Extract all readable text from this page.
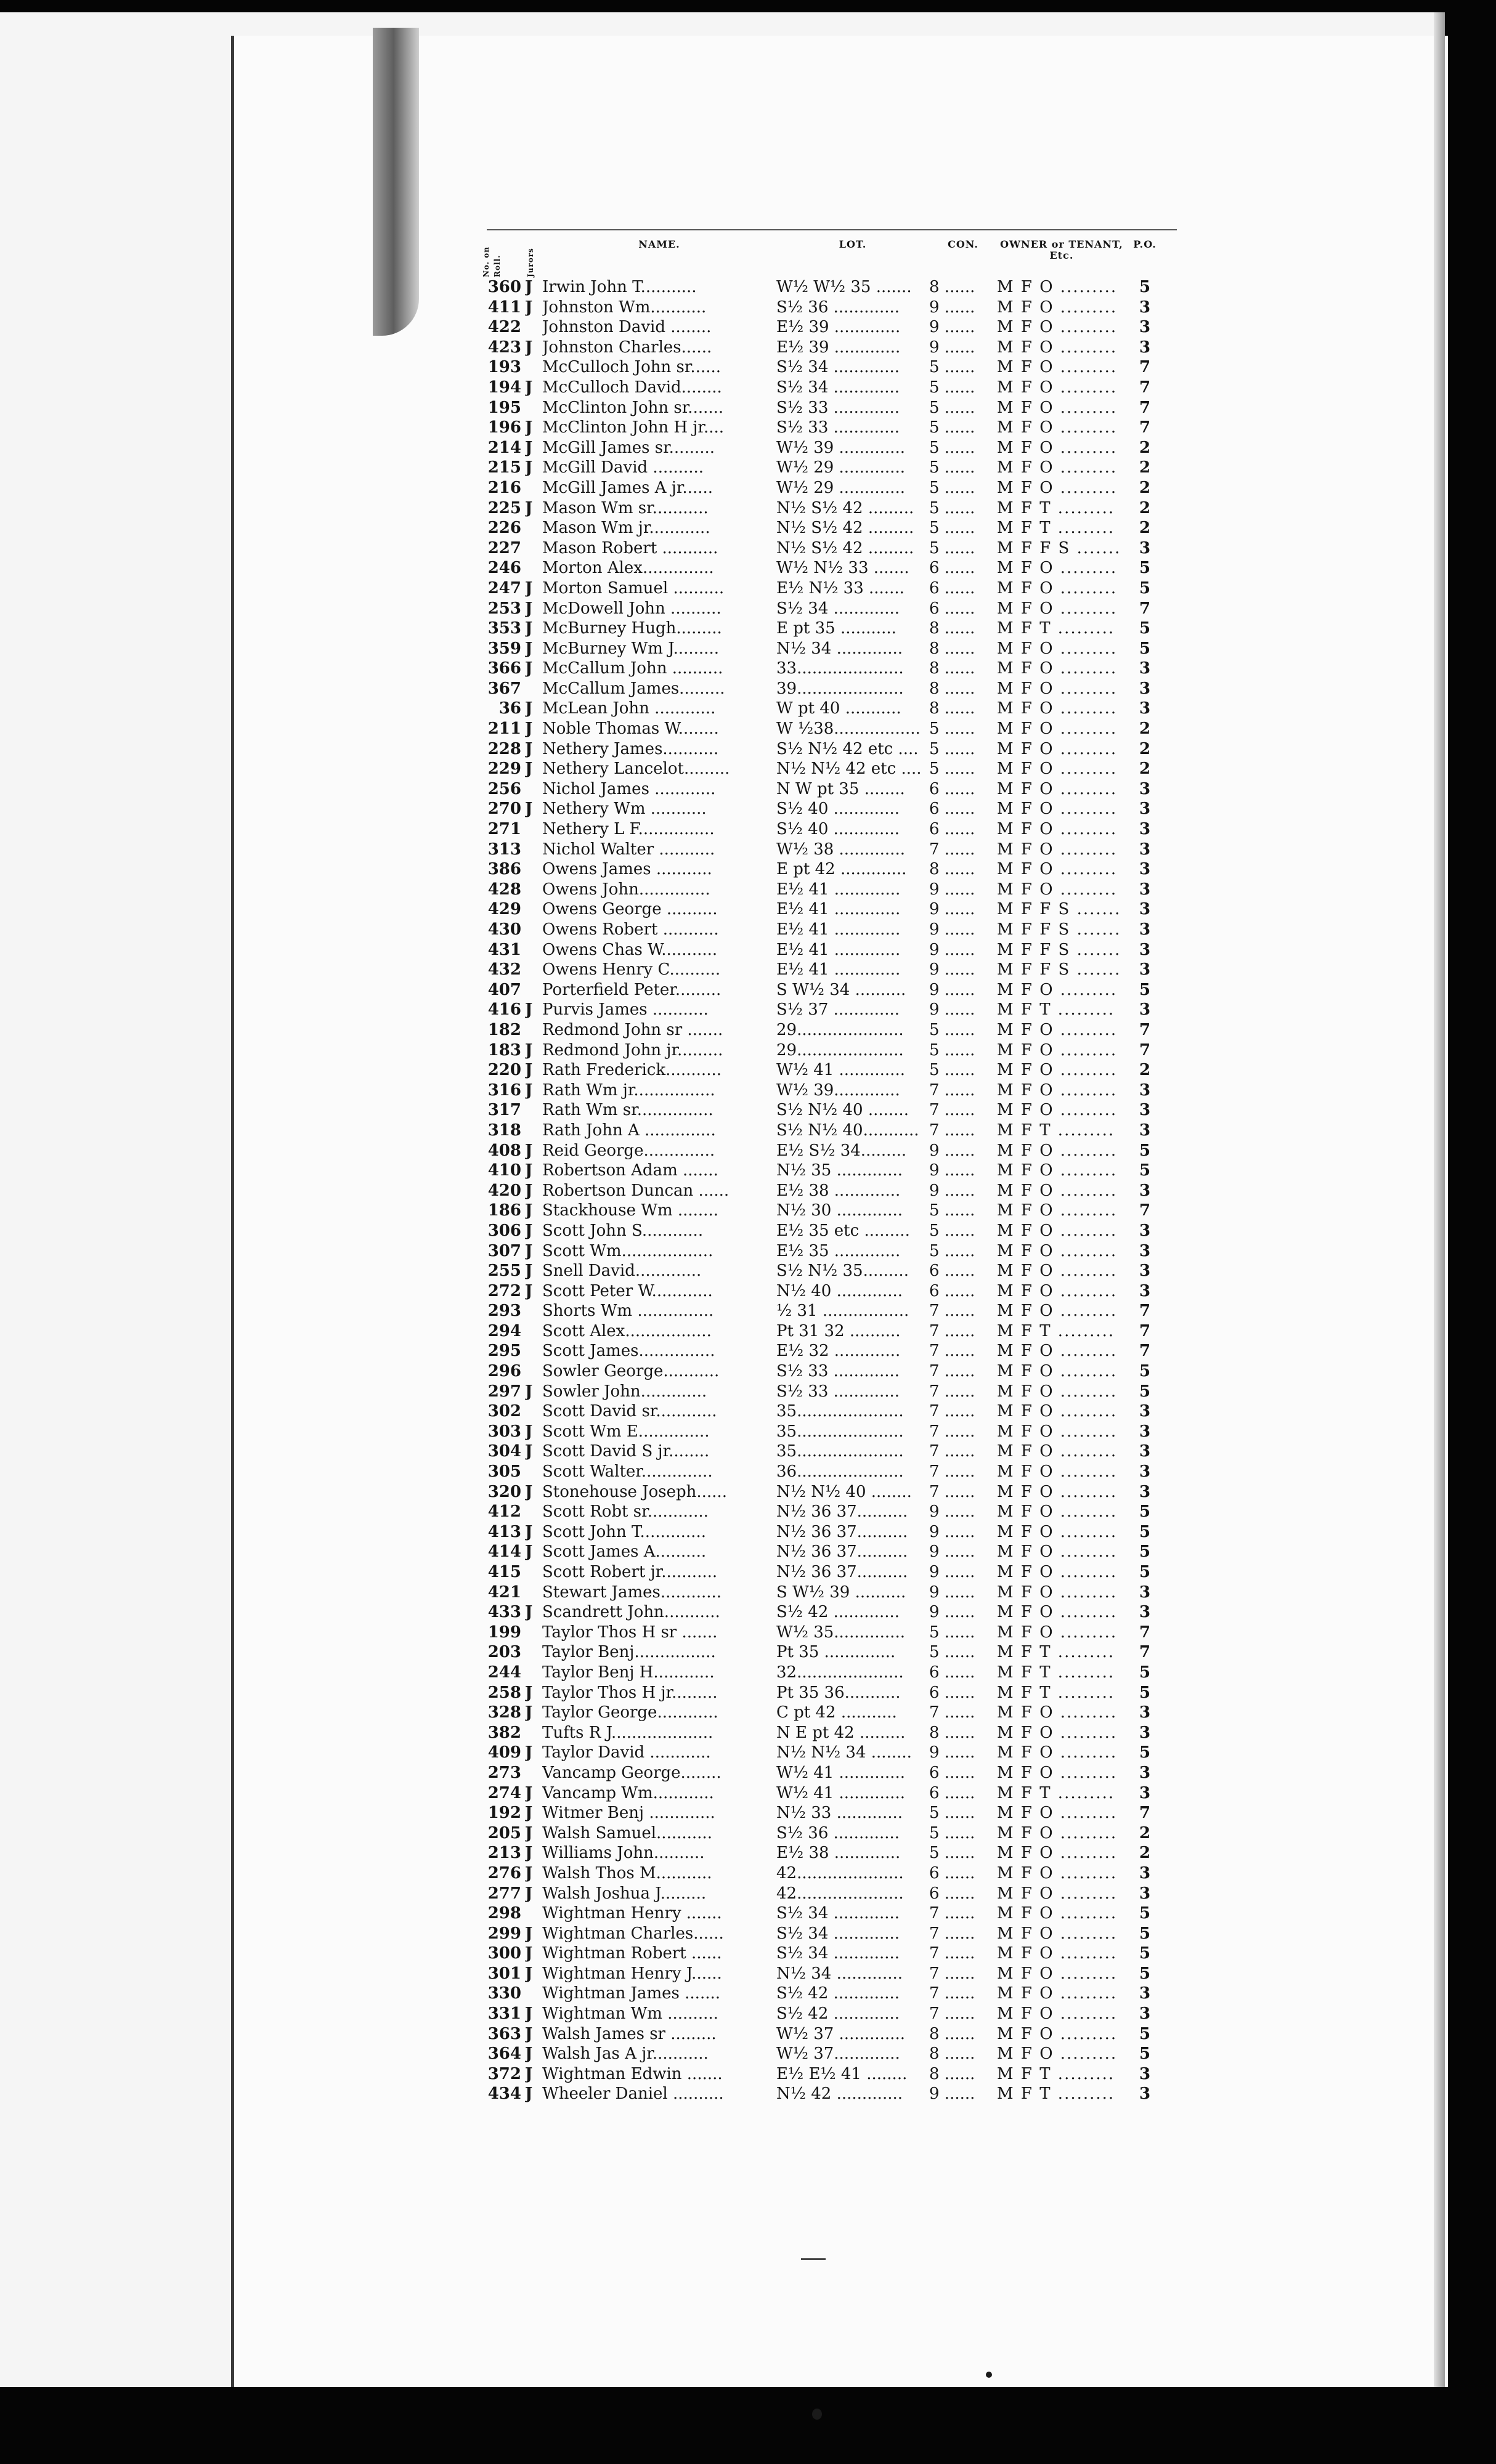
No. on Roll.	Jurors
NAME.	LOT.	CON.	OWNER or TENANT, Etc.
P.O.
360 J Irwin John T...........	W½ W½ 35 .......	8 ......	M F O .........	5
411 J Johnston Wm...........	S½ 36 .............	9 ......	M F O .........	3
422 Johnston David ........	E½ 39 .............	9 ......	M F O .........	3
423 J Johnston Charles......	E½ 39 .............	9 ......	M F O .........	3
193 McCulloch John sr......	S½ 34 .............	5 ......	M F O .........	7
194 J McCulloch David........	S½ 34 .............	5 ......	M F O .........	7
195 McClinton John sr.......	S½ 33 .............	5 ......	M F O .........	7
196 J McClinton John H jr....	S½ 33 .............	5 ......	M F O .........	7
214 J McGill James sr.........	W½ 39 .............	5 ......	M F O .........	2
215 J McGill David ..........	W½ 29 .............	5 ......	M F O .........	2
216 McGill James A jr......	W½ 29 .............	5 ......	M F O .........	2
225 J Mason Wm sr...........	N½ S½ 42 ......... 5 ......	M F T .........	2
226 Mason Wm jr............	N½ S½ 42 ......... 5 ......	M F T .........	2
227 Mason Robert ...........	N½ S½ 42 ......... 5 ......	M F F S .......	3
246 Morton Alex..............	W½ N½ 33 .......	6 ......	M F O .........	5
247 J Morton Samuel ..........	E½ N½ 33 .......	6 ......	M F O .........	5
253 J McDowell John ..........	S½ 34 .............	6 ......	M F O .........	7
353 J McBurney Hugh.........	E pt 35 ...........	8 ......	M F T .........	5
359 J McBurney Wm J.........	N½ 34 .............	8 ......	M F O .........	5
366 J McCallum John ..........	33.....................	8 ......	M F O .........	3
367 McCallum James.........	39.....................	8 ......	M F O .........	3
36 J McLean John ............	W pt 40 ...........	8 ......	M F O .........	3
211 J Noble Thomas W........	W ½38................. 5 ......	M F O .........	2
228 J Nethery James...........	S½ N½ 42 etc .... 5 ......	M F O .........	2
229 J Nethery Lancelot.........	N½ N½ 42 etc .... 5 ......	M F O .........	2
256 Nichol James ............	N W pt 35 ........	6 ......	M F O .........	3
270 J Nethery Wm ...........	S½ 40 .............	6 ......	M F O .........	3
271 Nethery L F...............	S½ 40 .............	6 ......	M F O .........	3
313 Nichol Walter ...........	W½ 38 .............	7 ......	M F O .........	3
386 Owens James ...........	E pt 42 .............	8 ......	M F O .........	3
428 Owens John..............	E½ 41 .............	9 ......	M F O .........	3
429 Owens George ..........	E½ 41 .............	9 ......	M F F S .......	3
430 Owens Robert ...........	E½ 41 .............	9 ......	M F F S .......	3
431 Owens Chas W...........	E½ 41 .............	9 ......	M F F S .......	3
432 Owens Henry C..........	E½ 41 .............	9 ......	M F F S .......	3
407 Porterfield Peter.........	S W½ 34 ..........	9 ......	M F O .........	5
416 J Purvis James ...........	S½ 37 .............	9 ......	M F T .........	3
182 Redmond John sr .......	29.....................	5 ......	M F O .........	7
183 J Redmond John jr.........	29.....................	5 ......	M F O .........	7
220 J Rath Frederick...........	W½ 41 .............	5 ......	M F O .........	2
316 J Rath Wm jr................	W½ 39.............	7 ......	M F O .........	3
317 Rath Wm sr...............	S½ N½ 40 ........	7 ......	M F O .........	3
318 Rath John A ..............	S½ N½ 40........... 7 ......	M F T .........	3
408 J Reid George..............	E½ S½ 34.........	9 ......	M F O .........	5
410 J Robertson Adam .......	N½ 35 .............	9 ......	M F O .........	5
420 J Robertson Duncan ......	E½ 38 .............	9 ......	M F O .........	3
186 J Stackhouse Wm ........	N½ 30 .............	5 ......	M F O .........	7
306 J Scott John S............	E½ 35 etc .........	5 ......	M F O .........	3
307 J Scott Wm..................	E½ 35 .............	5 ......	M F O .........	3
255 J Snell David.............	S½ N½ 35.........	6 ......	M F O .........	3
272 J Scott Peter W............	N½ 40 .............	6 ......	M F O .........	3
293 Shorts Wm ...............	½ 31 .................	7 ......	M F O .........	7
294 Scott Alex.................	Pt 31 32 ..........	7 ......	M F T .........	7
295 Scott James...............	E½ 32 .............	7 ......	M F O .........	7
296 Sowler George...........	S½ 33 .............	7 ......	M F O .........	5
297 J Sowler John.............	S½ 33 .............	7 ......	M F O .........	5
302 Scott David sr............	35.....................	7 ......	M F O .........	3
303 J Scott Wm E..............	35.....................	7 ......	M F O .........	3
304 J Scott David S jr........	35.....................	7 ......	M F O .........	3
305 Scott Walter..............	36.....................	7 ......	M F O .........	3
320 J Stonehouse Joseph......	N½ N½ 40 ........	7 ......	M F O .........	3
412 Scott Robt sr............	N½ 36 37..........	9 ......	M F O .........	5
413 J Scott John T.............	N½ 36 37..........	9 ......	M F O .........	5
414 J Scott James A..........	N½ 36 37..........	9 ......	M F O .........	5
415 Scott Robert jr...........	N½ 36 37..........	9 ......	M F O .........	5
421 Stewart James............	S W½ 39 ..........	9 ......	M F O .........	3
433 J Scandrett John...........	S½ 42 .............	9 ......	M F O .........	3
199 Taylor Thos H sr .......	W½ 35..............	5 ......	M F O .........	7
203 Taylor Benj................	Pt 35 ..............	5 ......	M F T .........	7
244 Taylor Benj H............	32.....................	6 ......	M F T .........	5
258 J Taylor Thos H jr.........	Pt 35 36...........	6 ......	M F T .........	5
328 J Taylor George............	C pt 42 ...........	7 ......	M F O .........	3
382 Tufts R J....................	N E pt 42 .........	8 ......	M F O .........	3
409 J Taylor David ............	N½ N½ 34 ........	9 ......	M F O .........	5
273 Vancamp George........	W½ 41 .............	6 ......	M F O .........	3
274 J Vancamp Wm............	W½ 41 .............	6 ......	M F T .........	3
192 J Witmer Benj .............	N½ 33 .............	5 ......	M F O .........	7
205 J Walsh Samuel...........	S½ 36 .............	5 ......	M F O .........	2
213 J Williams John..........	E½ 38 .............	5 ......	M F O .........	2
276 J Walsh Thos M...........	42.....................	6 ......	M F O .........	3
277 J Walsh Joshua J.........	42.....................	6 ......	M F O .........	3
298 Wightman Henry .......	S½ 34 .............	7 ......	M F O .........	5
299 J Wightman Charles......	S½ 34 .............	7 ......	M F O .........	5
300 J Wightman Robert ......	S½ 34 .............	7 ......	M F O .........	5
301 J Wightman Henry J......	N½ 34 .............	7 ......	M F O .........	5
330 Wightman James .......	S½ 42 .............	7 ......	M F O .........	3
331 J Wightman Wm ..........	S½ 42 .............	7 ......	M F O .........	3
363 J Walsh James sr .........	W½ 37 .............	8 ......	M F O .........	5
364 J Walsh Jas A jr...........	W½ 37.............	8 ......	M F O .........	5
372 J Wightman Edwin .......	E½ E½ 41 ........	8 ......	M F T .........	3
434 J Wheeler Daniel ..........	N½ 42 .............	9 ......	M F T .........	3
